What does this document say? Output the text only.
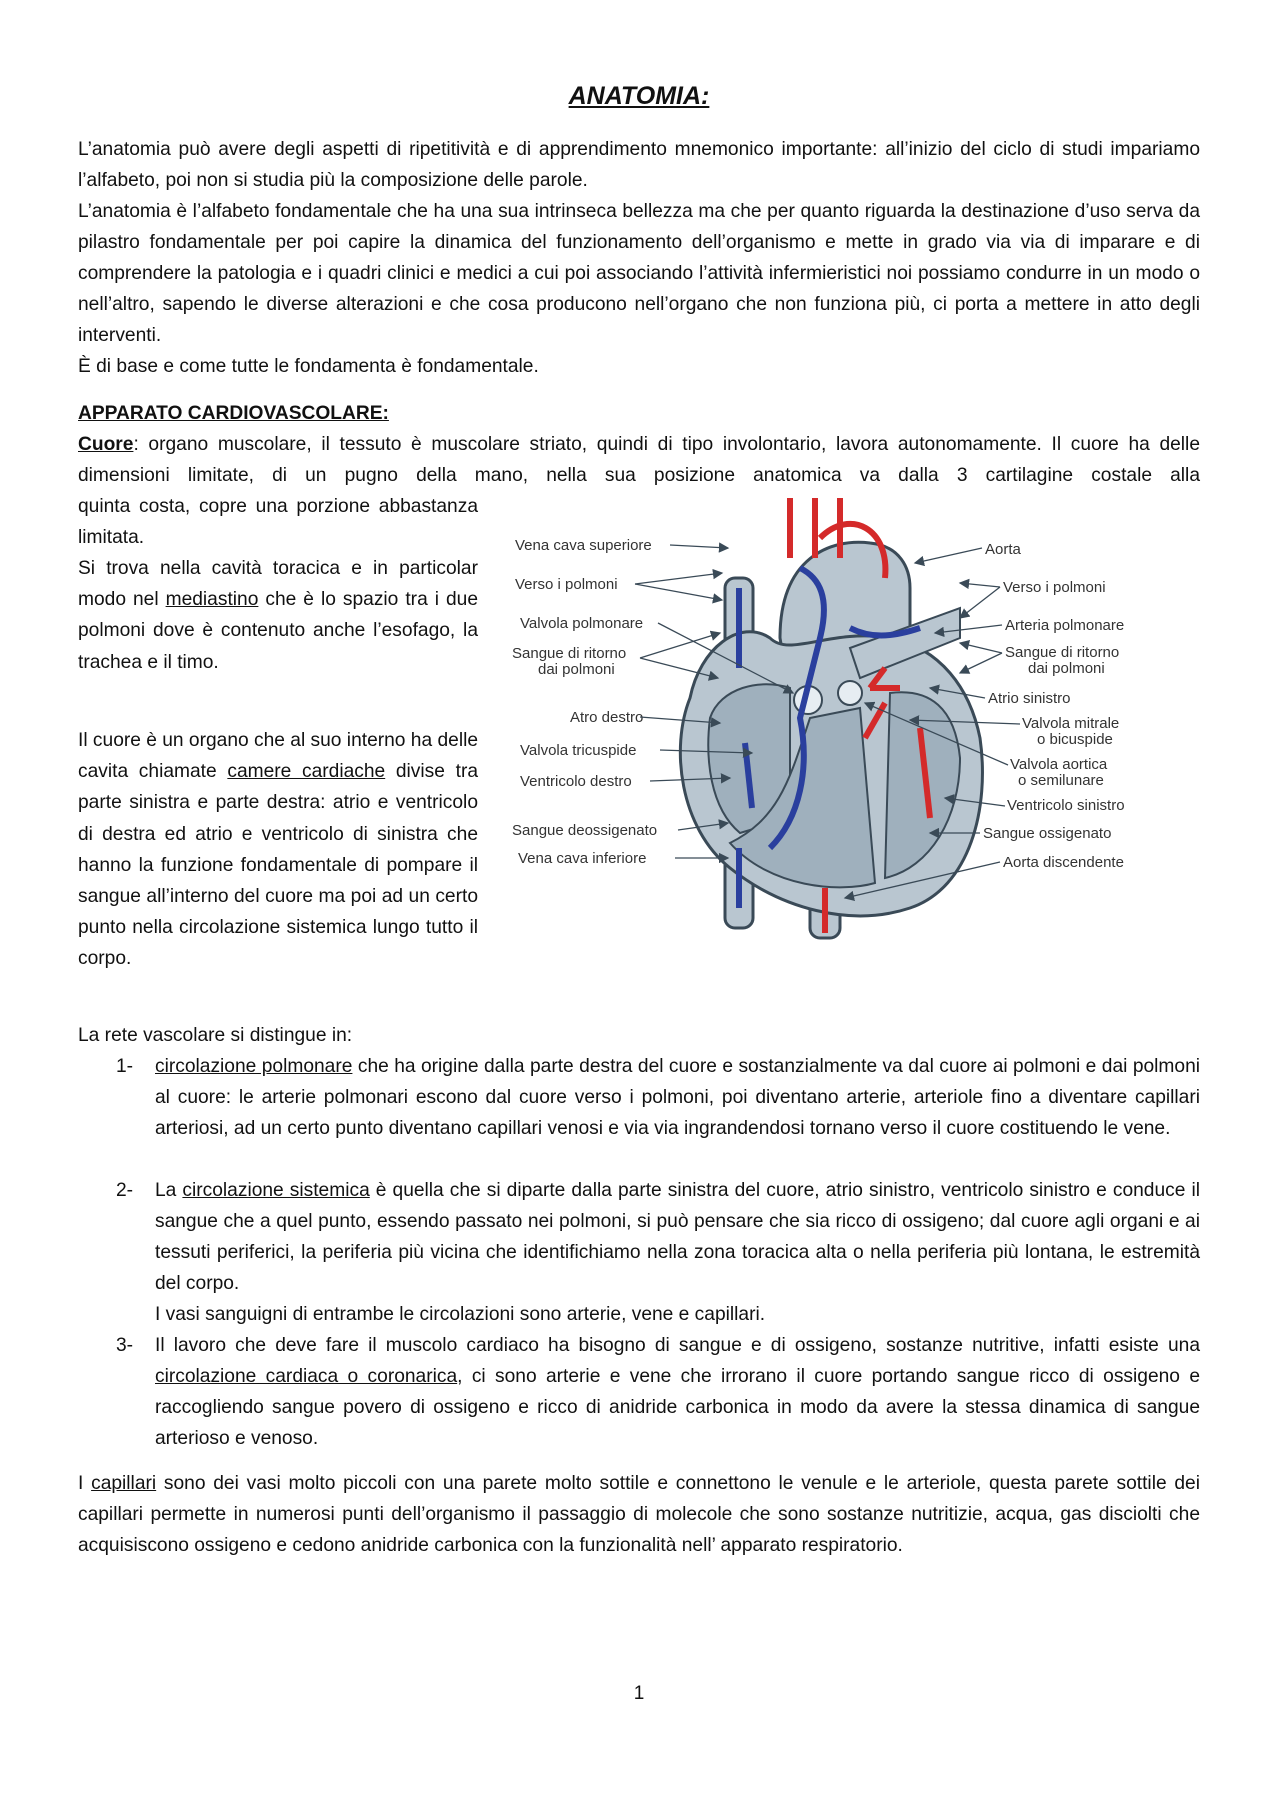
ANATOMIA:

L’anatomia può avere degli aspetti di ripetitività e di apprendimento mnemonico importante: all’inizio del ciclo di studi impariamo l’alfabeto, poi non si studia più la composizione delle parole.

L’anatomia è l’alfabeto fondamentale che ha una sua intrinseca bellezza ma che per quanto riguarda la destinazione d’uso serva da pilastro fondamentale per poi capire la dinamica del funzionamento dell’organismo e mette in grado via via di imparare e di comprendere la patologia e i quadri clinici e medici a cui poi associando l’attività infermieristici noi possiamo condurre in un modo o nell’altro, sapendo le diverse alterazioni e che cosa producono nell’organo che non funziona più, ci porta a mettere in atto degli interventi.

È di base e come tutte le fondamenta è fondamentale.

APPARATO CARDIOVASCOLARE:

Cuore: organo muscolare, il tessuto è muscolare striato, quindi di tipo involontario, lavora autonomamente. Il cuore ha delle dimensioni limitate, di un pugno della mano, nella sua posizione anatomica va dalla 3 cartilagine costale alla

quinta costa, copre una porzione abbastanza limitata.

Si trova nella cavità toracica e in particolar modo nel mediastino che è lo spazio tra i due polmoni dove è contenuto anche l’esofago, la trachea e il timo.

Il cuore è un organo che al suo interno ha delle cavita chiamate camere cardiache divise tra parte sinistra e parte destra: atrio e ventricolo di destra ed atrio e ventricolo di sinistra che hanno la funzione fondamentale di pompare il sangue all’interno del cuore ma poi ad un certo punto nella circolazione sistemica lungo tutto il corpo.

Vena cava superiore
Verso i polmoni
Valvola polmonare
Sangue di ritorno
dai polmoni
Atro destro
Valvola tricuspide
Ventricolo destro
Sangue deossigenato
Vena cava inferiore
Aorta
Verso i polmoni
Arteria polmonare
Sangue di ritorno
dai polmoni
Atrio sinistro
Valvola mitrale
o bicuspide
Valvola aortica
o semilunare
Ventricolo sinistro
Sangue ossigenato
Aorta discendente

La rete vascolare si distingue in:

1- circolazione polmonare che ha origine dalla parte destra del cuore e sostanzialmente va dal cuore ai polmoni e dai polmoni al cuore: le arterie polmonari escono dal cuore verso i polmoni, poi diventano arterie, arteriole fino a diventare capillari arteriosi, ad un certo punto diventano capillari venosi e via via ingrandendosi tornano verso il cuore costituendo le vene.
2- La circolazione sistemica è quella che si diparte dalla parte sinistra del cuore, atrio sinistro, ventricolo sinistro e conduce il sangue che a quel punto, essendo passato nei polmoni, si può pensare che sia ricco di ossigeno; dal cuore agli organi e ai tessuti periferici, la periferia più vicina che identifichiamo nella zona toracica alta o nella periferia più lontana, le estremità del corpo.
I vasi sanguigni di entrambe le circolazioni sono arterie, vene e capillari.
3- Il lavoro che deve fare il muscolo cardiaco ha bisogno di sangue e di ossigeno, sostanze nutritive, infatti esiste una circolazione cardiaca o coronarica, ci sono arterie e vene che irrorano il cuore portando sangue ricco di ossigeno e raccogliendo sangue povero di ossigeno e ricco di anidride carbonica in modo da avere la stessa dinamica di sangue arterioso e venoso.

I capillari sono dei vasi molto piccoli con una parete molto sottile e connettono le venule e le arteriole, questa parete sottile dei capillari permette in numerosi punti dell’organismo il passaggio di molecole che sono sostanze nutritizie, acqua, gas disciolti che acquisiscono ossigeno e cedono anidride carbonica con la funzionalità nell’ apparato respiratorio.

1
